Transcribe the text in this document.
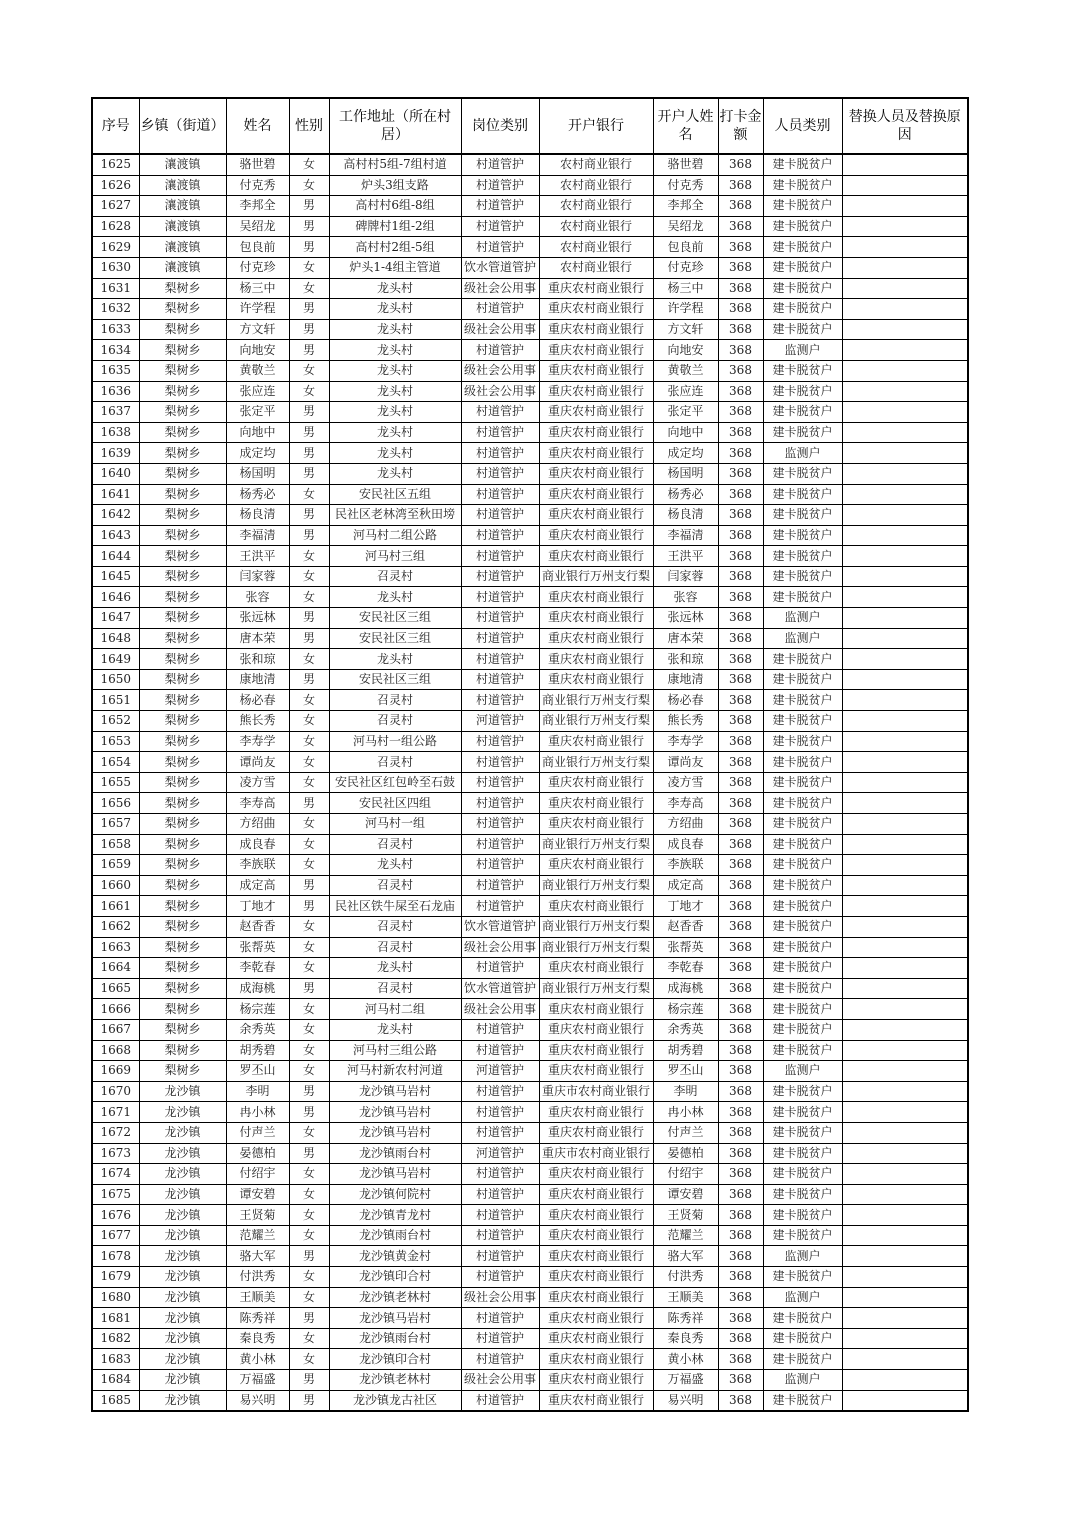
序号	乡镇（街道）	姓名	性别	工作地址（所在村居）	岗位类别	开户银行	开户人姓名	打卡金额	人员类别	替换人员及替换原因

1625	瀼渡镇	骆世碧	女	高村村5组-7组村道	村道管护	农村商业银行	骆世碧	368	建卡脱贫户	

1626	瀼渡镇	付克秀	女	炉头3组支路	村道管护	农村商业银行	付克秀	368	建卡脱贫户	

1627	瀼渡镇	李邦全	男	高村村6组-8组	村道管护	农村商业银行	李邦全	368	建卡脱贫户	

1628	瀼渡镇	吴绍龙	男	碑牌村1组-2组	村道管护	农村商业银行	吴绍龙	368	建卡脱贫户	

1629	瀼渡镇	包良前	男	高村村2组-5组	村道管护	农村商业银行	包良前	368	建卡脱贫户	

1630	瀼渡镇	付克珍	女	炉头1-4组主管道	饮水管道管护	农村商业银行	付克珍	368	建卡脱贫户	

1631	梨树乡	杨三中	女	龙头村	级社会公用事	重庆农村商业银行	杨三中	368	建卡脱贫户	

1632	梨树乡	许学程	男	龙头村	村道管护	重庆农村商业银行	许学程	368	建卡脱贫户	

1633	梨树乡	方文轩	男	龙头村	级社会公用事	重庆农村商业银行	方文轩	368	建卡脱贫户	

1634	梨树乡	向地安	男	龙头村	村道管护	重庆农村商业银行	向地安	368	监测户	

1635	梨树乡	黄敬兰	女	龙头村	级社会公用事	重庆农村商业银行	黄敬兰	368	建卡脱贫户	

1636	梨树乡	张应连	女	龙头村	级社会公用事	重庆农村商业银行	张应连	368	建卡脱贫户	

1637	梨树乡	张定平	男	龙头村	村道管护	重庆农村商业银行	张定平	368	建卡脱贫户	

1638	梨树乡	向地中	男	龙头村	村道管护	重庆农村商业银行	向地中	368	建卡脱贫户	

1639	梨树乡	成定均	男	龙头村	村道管护	重庆农村商业银行	成定均	368	监测户	

1640	梨树乡	杨国明	男	龙头村	村道管护	重庆农村商业银行	杨国明	368	建卡脱贫户	

1641	梨树乡	杨秀必	女	安民社区五组	村道管护	重庆农村商业银行	杨秀必	368	建卡脱贫户	

1642	梨树乡	杨良清	男	民社区老林湾至秋田塝	村道管护	重庆农村商业银行	杨良清	368	建卡脱贫户	

1643	梨树乡	李福清	男	河马村二组公路	村道管护	重庆农村商业银行	李福清	368	建卡脱贫户	

1644	梨树乡	王洪平	女	河马村三组	村道管护	重庆农村商业银行	王洪平	368	建卡脱贫户	

1645	梨树乡	闫家蓉	女	召灵村	村道管护	商业银行万州支行梨	闫家蓉	368	建卡脱贫户	

1646	梨树乡	张容	女	龙头村	村道管护	重庆农村商业银行	张容	368	建卡脱贫户	

1647	梨树乡	张远林	男	安民社区三组	村道管护	重庆农村商业银行	张远林	368	监测户	

1648	梨树乡	唐本荣	男	安民社区三组	村道管护	重庆农村商业银行	唐本荣	368	监测户	

1649	梨树乡	张和琼	女	龙头村	村道管护	重庆农村商业银行	张和琼	368	建卡脱贫户	

1650	梨树乡	康地清	男	安民社区三组	村道管护	重庆农村商业银行	康地清	368	建卡脱贫户	

1651	梨树乡	杨必春	女	召灵村	村道管护	商业银行万州支行梨	杨必春	368	建卡脱贫户	

1652	梨树乡	熊长秀	女	召灵村	河道管护	商业银行万州支行梨	熊长秀	368	建卡脱贫户	

1653	梨树乡	李寿学	女	河马村一组公路	村道管护	重庆农村商业银行	李寿学	368	建卡脱贫户	

1654	梨树乡	谭尚友	女	召灵村	村道管护	商业银行万州支行梨	谭尚友	368	建卡脱贫户	

1655	梨树乡	凌方雪	女	安民社区红包岭至石鼓	村道管护	重庆农村商业银行	凌方雪	368	建卡脱贫户	

1656	梨树乡	李寿高	男	安民社区四组	村道管护	重庆农村商业银行	李寿高	368	建卡脱贫户	

1657	梨树乡	方绍曲	女	河马村一组	村道管护	重庆农村商业银行	方绍曲	368	建卡脱贫户	

1658	梨树乡	成良春	女	召灵村	村道管护	商业银行万州支行梨	成良春	368	建卡脱贫户	

1659	梨树乡	李族联	女	龙头村	村道管护	重庆农村商业银行	李族联	368	建卡脱贫户	

1660	梨树乡	成定高	男	召灵村	村道管护	商业银行万州支行梨	成定高	368	建卡脱贫户	

1661	梨树乡	丁地才	男	民社区铁牛屎至石龙庙	村道管护	重庆农村商业银行	丁地才	368	建卡脱贫户	

1662	梨树乡	赵香香	女	召灵村	饮水管道管护	商业银行万州支行梨	赵香香	368	建卡脱贫户	

1663	梨树乡	张帮英	女	召灵村	级社会公用事	商业银行万州支行梨	张帮英	368	建卡脱贫户	

1664	梨树乡	李乾春	女	龙头村	村道管护	重庆农村商业银行	李乾春	368	建卡脱贫户	

1665	梨树乡	成海桃	男	召灵村	饮水管道管护	商业银行万州支行梨	成海桃	368	建卡脱贫户	

1666	梨树乡	杨宗莲	女	河马村二组	级社会公用事	重庆农村商业银行	杨宗莲	368	建卡脱贫户	

1667	梨树乡	余秀英	女	龙头村	村道管护	重庆农村商业银行	余秀英	368	建卡脱贫户	

1668	梨树乡	胡秀碧	女	河马村三组公路	村道管护	重庆农村商业银行	胡秀碧	368	建卡脱贫户	

1669	梨树乡	罗丕山	女	河马村新农村河道	河道管护	重庆农村商业银行	罗丕山	368	监测户	

1670	龙沙镇	李明	男	龙沙镇马岩村	村道管护	重庆市农村商业银行	李明	368	建卡脱贫户	

1671	龙沙镇	冉小林	男	龙沙镇马岩村	村道管护	重庆农村商业银行	冉小林	368	建卡脱贫户	

1672	龙沙镇	付声兰	女	龙沙镇马岩村	村道管护	重庆农村商业银行	付声兰	368	建卡脱贫户	

1673	龙沙镇	晏德柏	男	龙沙镇雨台村	河道管护	重庆市农村商业银行	晏德柏	368	建卡脱贫户	

1674	龙沙镇	付绍宇	女	龙沙镇马岩村	村道管护	重庆农村商业银行	付绍宇	368	建卡脱贫户	

1675	龙沙镇	谭安碧	女	龙沙镇何院村	村道管护	重庆农村商业银行	谭安碧	368	建卡脱贫户	

1676	龙沙镇	王贤菊	女	龙沙镇青龙村	村道管护	重庆农村商业银行	王贤菊	368	建卡脱贫户	

1677	龙沙镇	范耀兰	女	龙沙镇雨台村	村道管护	重庆农村商业银行	范耀兰	368	建卡脱贫户	

1678	龙沙镇	骆大军	男	龙沙镇黄金村	村道管护	重庆农村商业银行	骆大军	368	监测户	

1679	龙沙镇	付洪秀	女	龙沙镇印合村	村道管护	重庆农村商业银行	付洪秀	368	建卡脱贫户	

1680	龙沙镇	王顺美	女	龙沙镇老林村	级社会公用事	重庆农村商业银行	王顺美	368	监测户	

1681	龙沙镇	陈秀祥	男	龙沙镇马岩村	村道管护	重庆农村商业银行	陈秀祥	368	建卡脱贫户	

1682	龙沙镇	秦良秀	女	龙沙镇雨台村	村道管护	重庆农村商业银行	秦良秀	368	建卡脱贫户	

1683	龙沙镇	黄小林	女	龙沙镇印合村	村道管护	重庆农村商业银行	黄小林	368	建卡脱贫户	

1684	龙沙镇	万福盛	男	龙沙镇老林村	级社会公用事	重庆农村商业银行	万福盛	368	监测户	

1685	龙沙镇	易兴明	男	龙沙镇龙古社区	村道管护	重庆农村商业银行	易兴明	368	建卡脱贫户	
